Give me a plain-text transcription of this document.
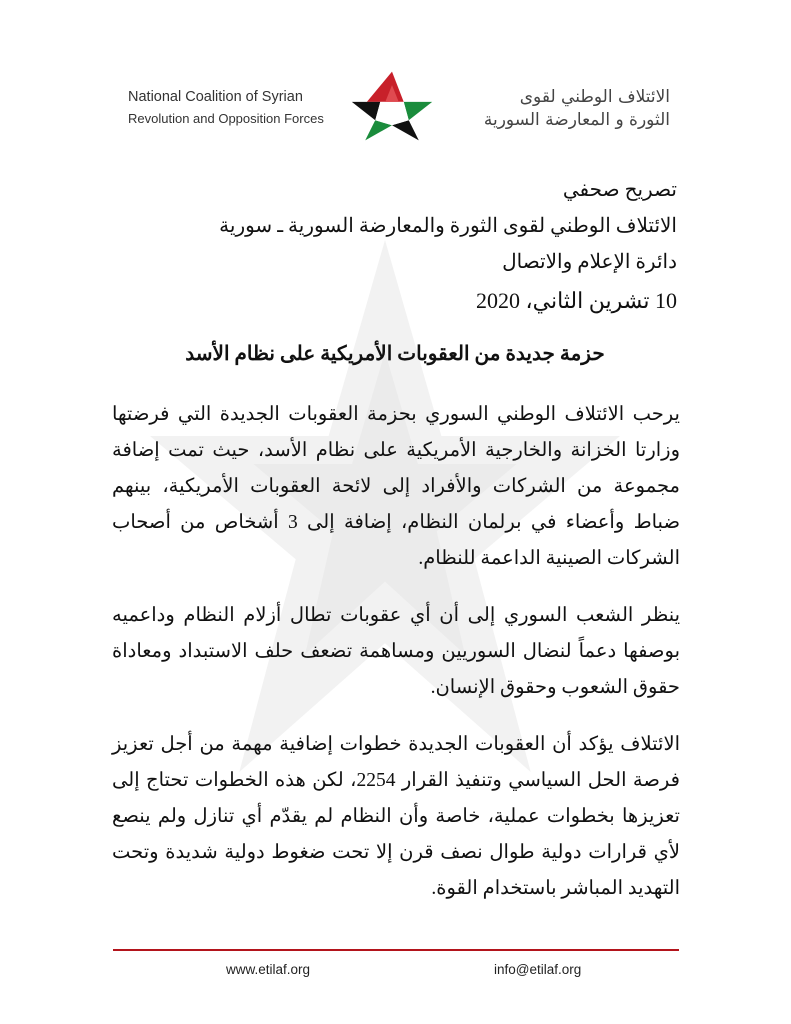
National Coalition of Syrian
Revolution and Opposition Forces
الائتلاف الوطني لقوى
الثورة و المعارضة السورية
تصريح صحفي
الائتلاف الوطني لقوى الثورة والمعارضة السورية ـ سورية
دائرة الإعلام والاتصال
10 تشرين الثاني، 2020
حزمة جديدة من العقوبات الأمريكية على نظام الأسد

يرحب الائتلاف الوطني السوري بحزمة العقوبات الجديدة التي فرضتها وزارتا الخزانة والخارجية الأمريكية على نظام الأسد، حيث تمت إضافة مجموعة من الشركات والأفراد إلى لائحة العقوبات الأمريكية، بينهم ضباط وأعضاء في برلمان النظام، إضافة إلى 3 أشخاص من أصحاب الشركات الصينية الداعمة للنظام.

ينظر الشعب السوري إلى أن أي عقوبات تطال أزلام النظام وداعميه بوصفها دعماً لنضال السوريين ومساهمة تضعف حلف الاستبداد ومعاداة حقوق الشعوب وحقوق الإنسان.

الائتلاف يؤكد أن العقوبات الجديدة خطوات إضافية مهمة من أجل تعزيز فرصة الحل السياسي وتنفيذ القرار 2254، لكن هذه الخطوات تحتاج إلى تعزيزها بخطوات عملية، خاصة وأن النظام لم يقدّم أي تنازل ولم ينصع لأي قرارات دولية طوال نصف قرن إلا تحت ضغوط دولية شديدة وتحت التهديد المباشر باستخدام القوة.

www.etilaf.org	info@etilaf.org
